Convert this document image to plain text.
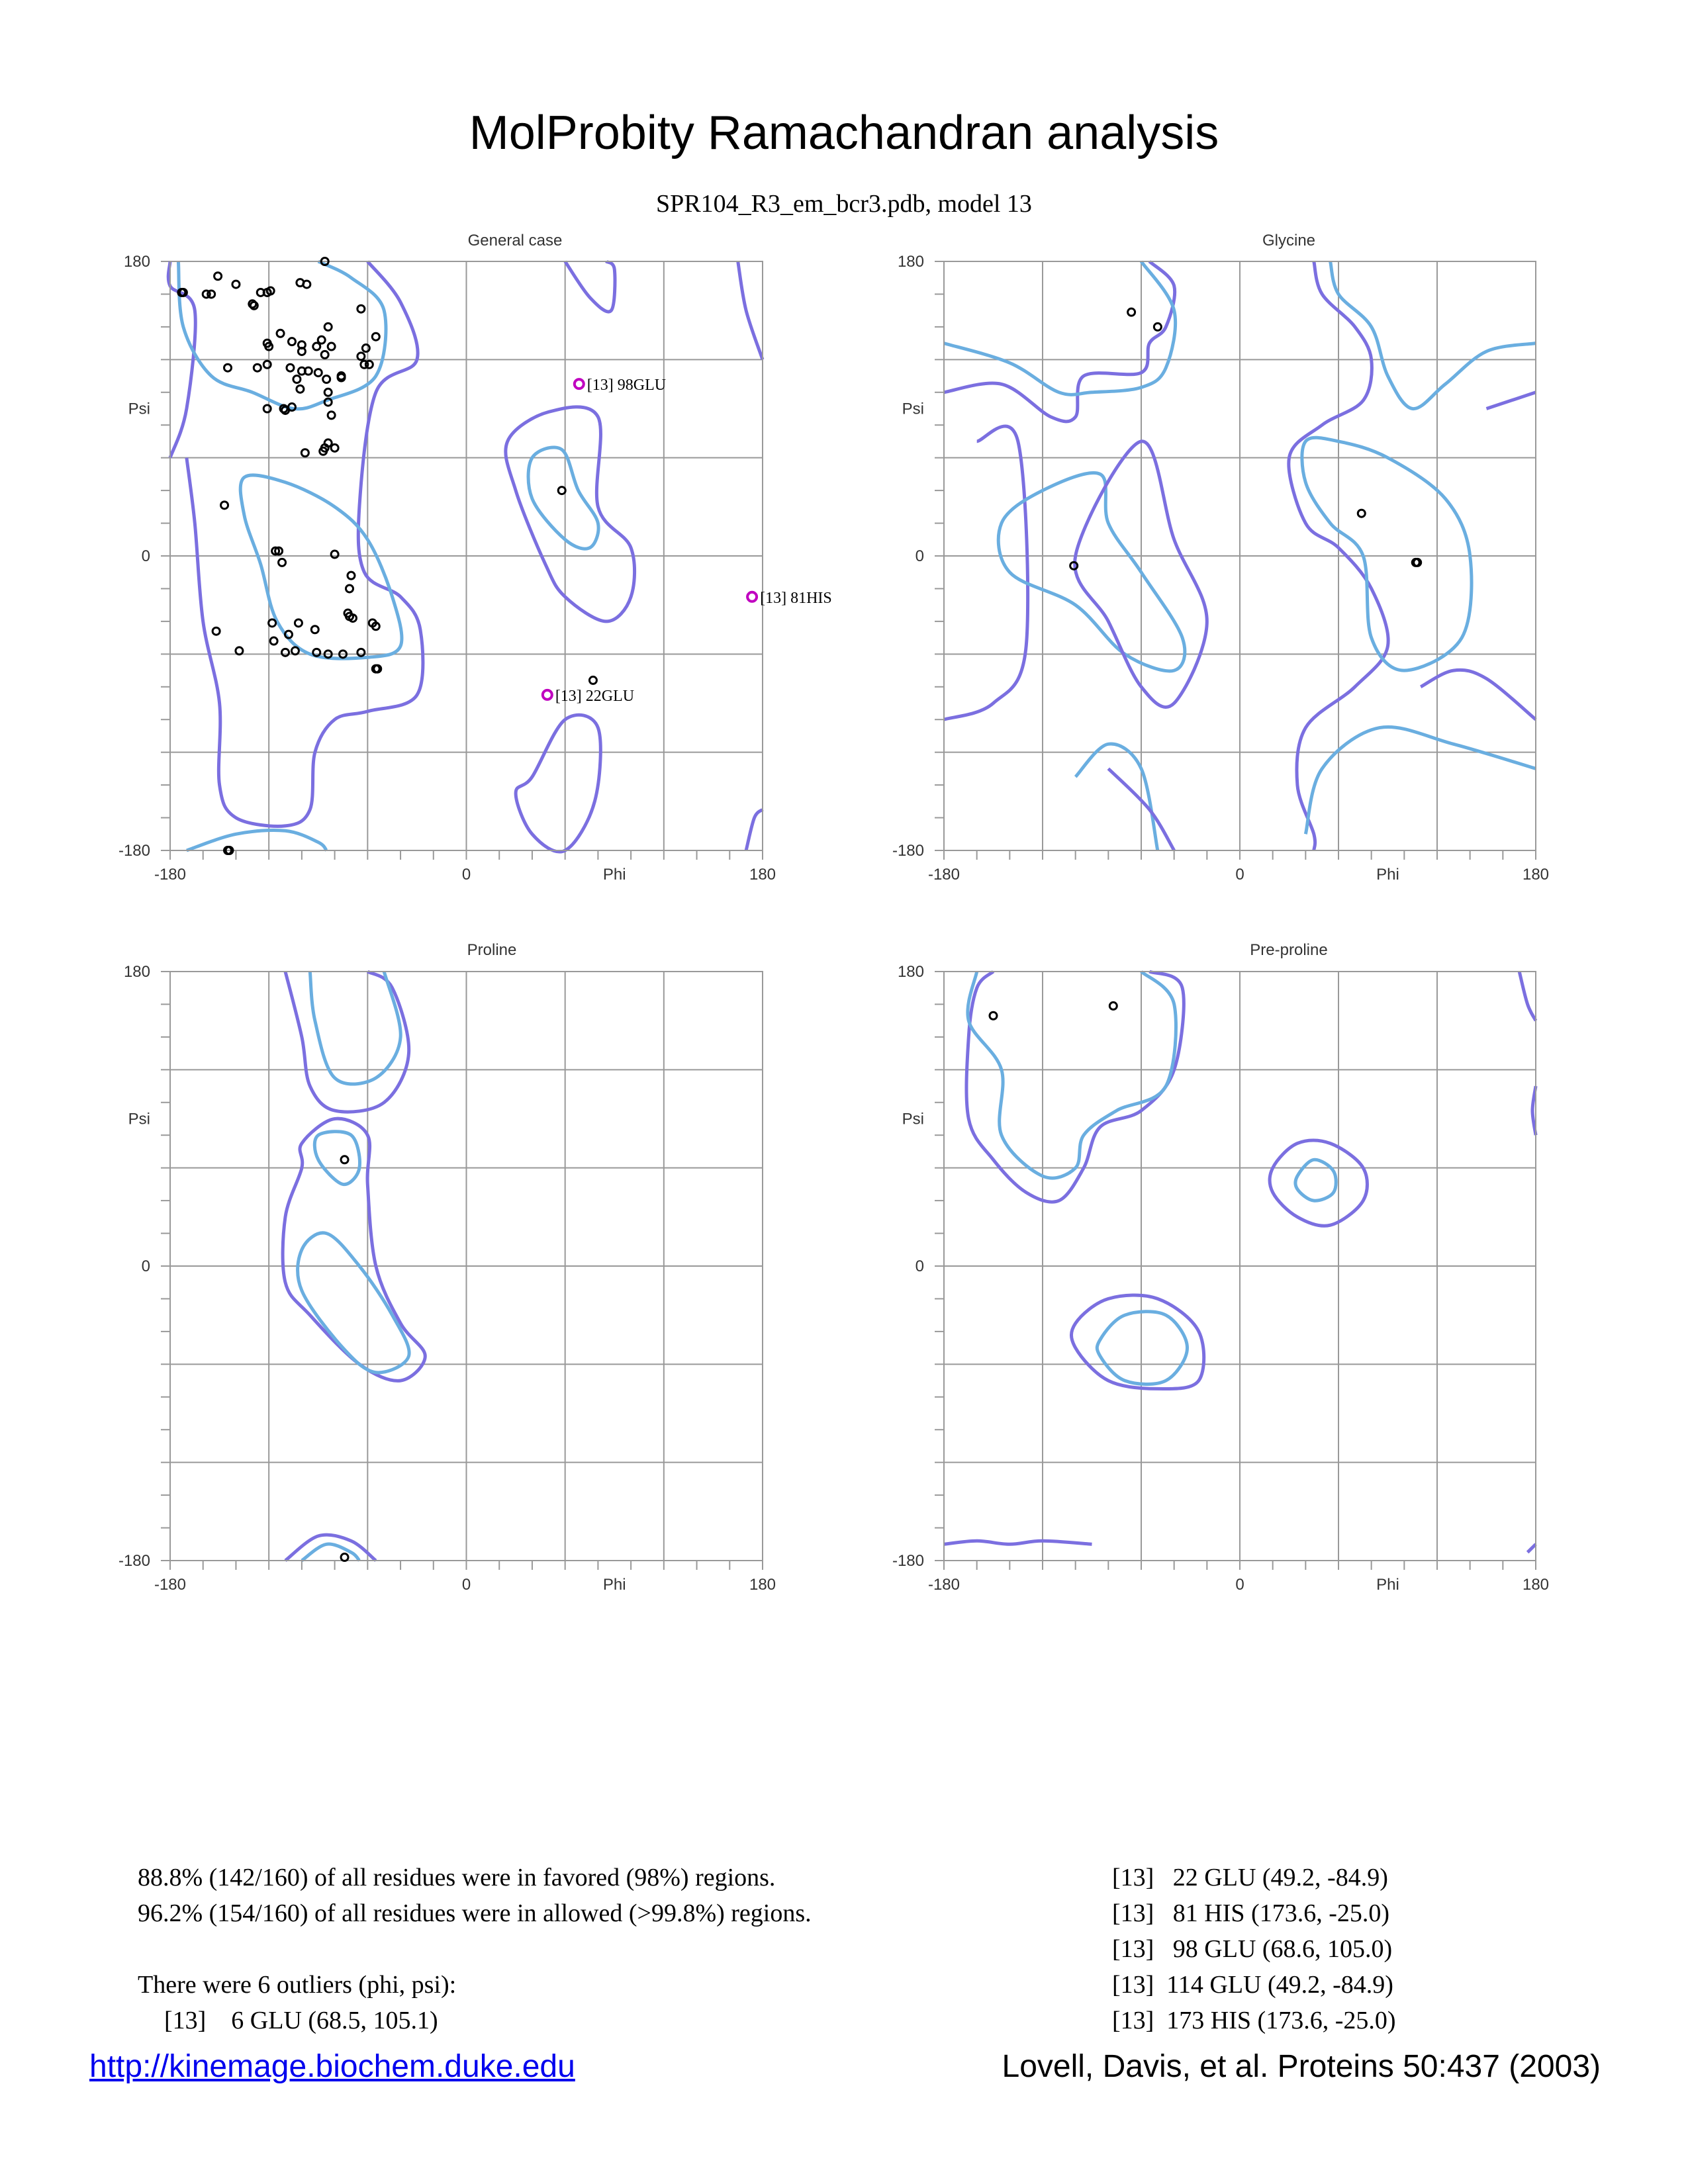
MolProbity Ramachandran analysis
SPR104_R3_em_bcr3.pdb, model 13
General case	Glycine
Proline	Pre-proline
-180	0	180
180
0
-180
Phi
Psi
[13] 98GLU
[13] 81HIS
[13] 22GLU
-180	0	180
180
0
-180
Phi
Psi
-180	0	180
180
0
-180
Phi
Psi
-180	0	180
180
0
-180
Phi
Psi
88.8% (142/160) of all residues were in favored (98%) regions.
96.2% (154/160) of all residues were in allowed (>99.8%) regions.

There were 6 outliers (phi, psi):
[13]    6 GLU (68.5, 105.1)
[13]   22 GLU (49.2, -84.9)
[13]   81 HIS (173.6, -25.0)
[13]   98 GLU (68.6, 105.0)
[13]  114 GLU (49.2, -84.9)
[13]  173 HIS (173.6, -25.0)
http://kinemage.biochem.duke.edu	Lovell, Davis, et al. Proteins 50:437 (2003)
